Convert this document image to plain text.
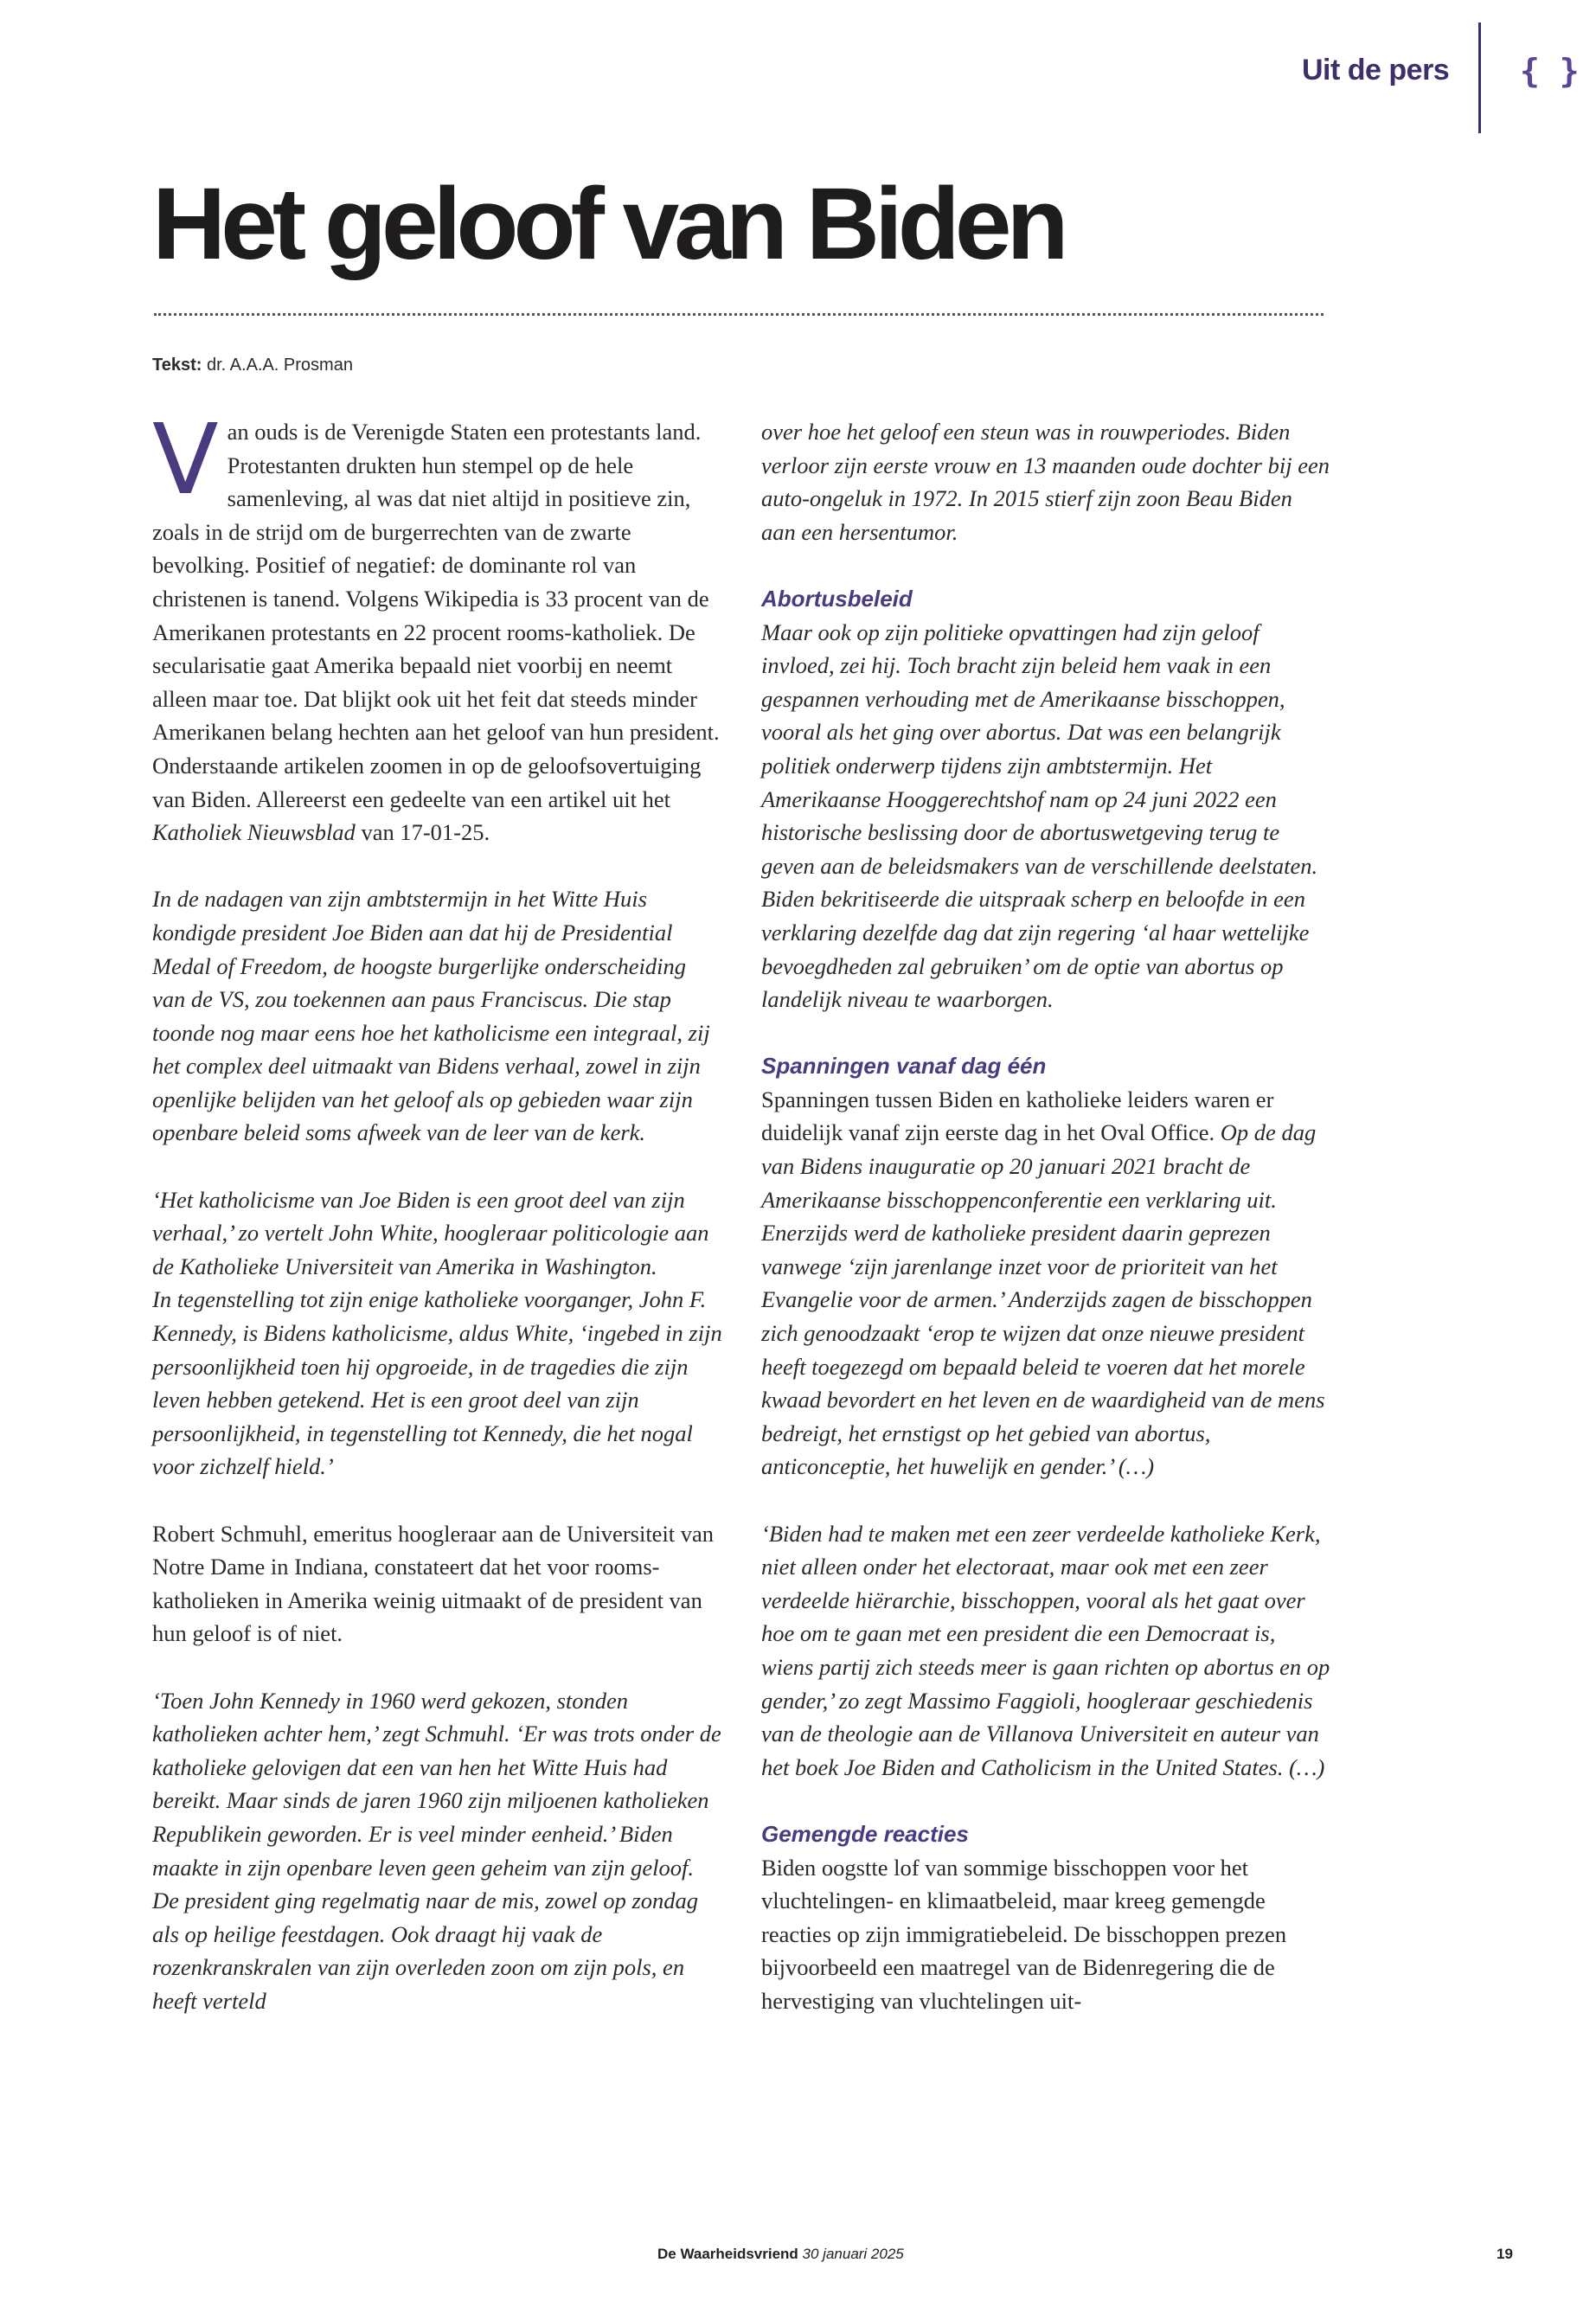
Uit de pers { }
Het geloof van Biden
Tekst: dr. A.A.A. Prosman

Van ouds is de Verenigde Staten een protestants land. Protestanten drukten hun stempel op de hele samenleving, al was dat niet altijd in positieve zin, zoals in de strijd om de burgerrechten van de zwarte bevolking. Positief of negatief: de dominante rol van christenen is tanend. Volgens Wikipedia is 33 procent van de Amerikanen protestants en 22 procent rooms-katholiek. De secularisatie gaat Amerika bepaald niet voorbij en neemt alleen maar toe. Dat blijkt ook uit het feit dat steeds minder Amerikanen belang hechten aan het geloof van hun president. Onderstaande artikelen zoomen in op de geloofsovertuiging van Biden. Allereerst een gedeelte van een artikel uit het Katholiek Nieuwsblad van 17-01-25.

In de nadagen van zijn ambtstermijn in het Witte Huis kondigde president Joe Biden aan dat hij de Presidential Medal of Freedom, de hoogste burgerlijke onderscheiding van de VS, zou toekennen aan paus Franciscus. Die stap toonde nog maar eens hoe het katholicisme een integraal, zij het complex deel uitmaakt van Bidens verhaal, zowel in zijn openlijke belijden van het geloof als op gebieden waar zijn openbare beleid soms afweek van de leer van de kerk.

‘Het katholicisme van Joe Biden is een groot deel van zijn verhaal,’ zo vertelt John White, hoogleraar politicologie aan de Katholieke Universiteit van Amerika in Washington.

In tegenstelling tot zijn enige katholieke voorganger, John F. Kennedy, is Bidens katholicisme, aldus White, ‘ingebed in zijn persoonlijkheid toen hij opgroeide, in de tragedies die zijn leven hebben getekend. Het is een groot deel van zijn persoonlijkheid, in tegenstelling tot Kennedy, die het nogal voor zichzelf hield.’

Robert Schmuhl, emeritus hoogleraar aan de Universiteit van Notre Dame in Indiana, constateert dat het voor rooms-katholieken in Amerika weinig uitmaakt of de president van hun geloof is of niet.

‘Toen John Kennedy in 1960 werd gekozen, stonden katholieken achter hem,’ zegt Schmuhl. ‘Er was trots onder de katholieke gelovigen dat een van hen het Witte Huis had bereikt. Maar sinds de jaren 1960 zijn miljoenen katholieken Republikein geworden. Er is veel minder eenheid.’ Biden maakte in zijn openbare leven geen geheim van zijn geloof. De president ging regelmatig naar de mis, zowel op zondag als op heilige feestdagen. Ook draagt hij vaak de rozenkranskralen van zijn overleden zoon om zijn pols, en heeft verteld

over hoe het geloof een steun was in rouwperiodes. Biden verloor zijn eerste vrouw en 13 maanden oude dochter bij een auto-ongeluk in 1972. In 2015 stierf zijn zoon Beau Biden aan een hersentumor.

Abortusbeleid

Maar ook op zijn politieke opvattingen had zijn geloof invloed, zei hij. Toch bracht zijn beleid hem vaak in een gespannen verhouding met de Amerikaanse bisschoppen, vooral als het ging over abortus. Dat was een belangrijk politiek onderwerp tijdens zijn ambtstermijn. Het Amerikaanse Hooggerechtshof nam op 24 juni 2022 een historische beslissing door de abortuswetgeving terug te geven aan de beleidsmakers van de verschillende deelstaten. Biden bekritiseerde die uitspraak scherp en beloofde in een verklaring dezelfde dag dat zijn regering ‘al haar wettelijke bevoegdheden zal gebruiken’ om de optie van abortus op landelijk niveau te waarborgen.

Spanningen vanaf dag één

Spanningen tussen Biden en katholieke leiders waren er duidelijk vanaf zijn eerste dag in het Oval Office. Op de dag van Bidens inauguratie op 20 januari 2021 bracht de Amerikaanse bisschoppenconferentie een verklaring uit. Enerzijds werd de katholieke president daarin geprezen vanwege ‘zijn jarenlange inzet voor de prioriteit van het Evangelie voor de armen.’ Anderzijds zagen de bisschoppen zich genoodzaakt ‘erop te wijzen dat onze nieuwe president heeft toegezegd om bepaald beleid te voeren dat het morele kwaad bevordert en het leven en de waardigheid van de mens bedreigt, het ernstigst op het gebied van abortus, anticonceptie, het huwelijk en gender.’ (…)

‘Biden had te maken met een zeer verdeelde katholieke Kerk, niet alleen onder het electoraat, maar ook met een zeer verdeelde hiërarchie, bisschoppen, vooral als het gaat over hoe om te gaan met een president die een Democraat is, wiens partij zich steeds meer is gaan richten op abortus en op gender,’ zo zegt Massimo Faggioli, hoogleraar geschiedenis van de theologie aan de Villanova Universiteit en auteur van het boek Joe Biden and Catholicism in the United States. (…)

Gemengde reacties

Biden oogstte lof van sommige bisschoppen voor het vluchtelingen- en klimaatbeleid, maar kreeg gemengde reacties op zijn immigratiebeleid. De bisschoppen prezen bijvoorbeeld een maatregel van de Bidenregering die de hervestiging van vluchtelingen uit-

De Waarheidsvriend 30 januari 2025	19
